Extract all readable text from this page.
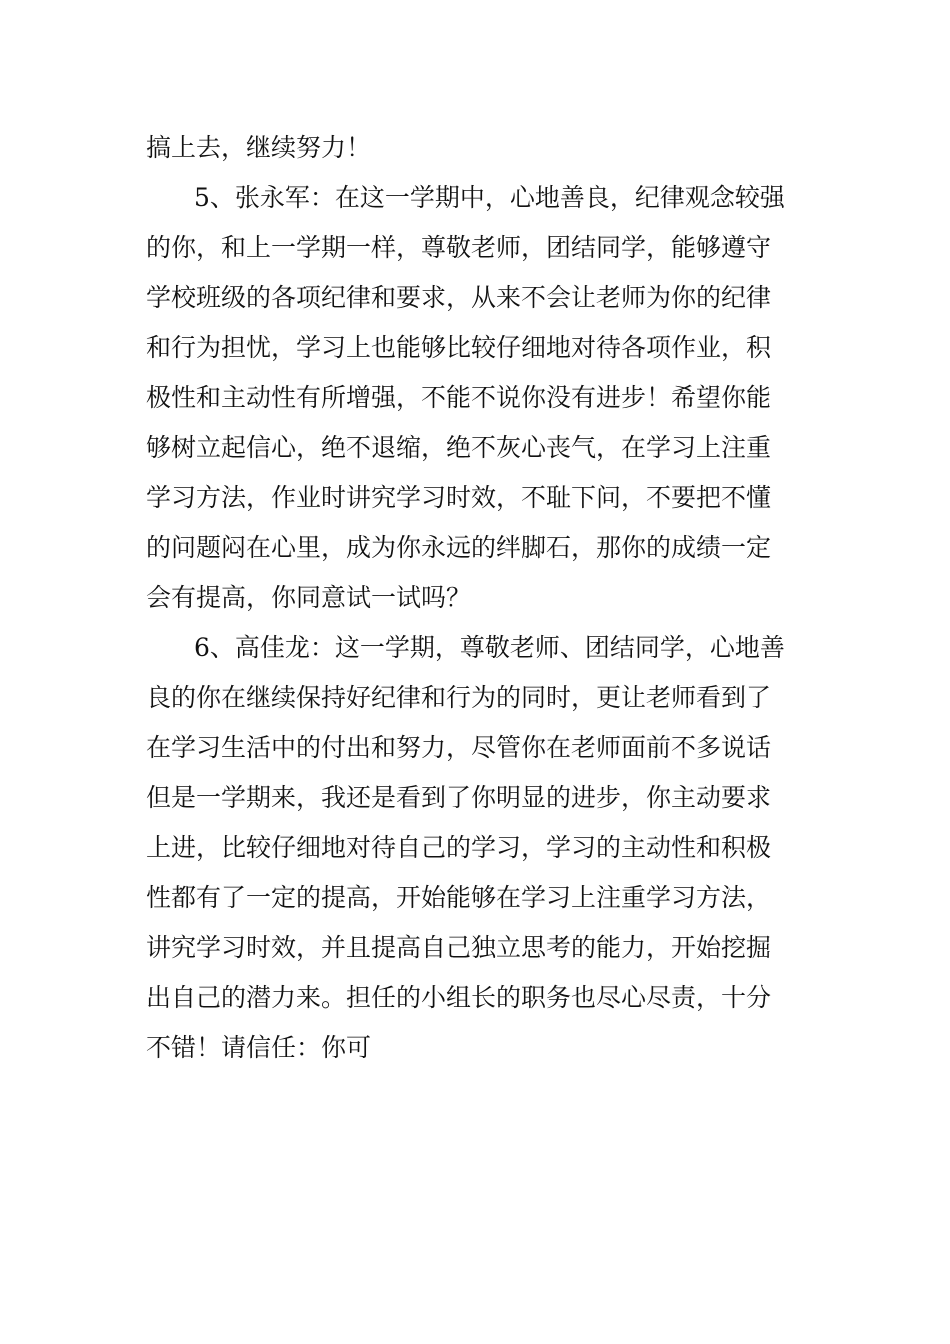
搞上去，继续努力！
5、张永军：在这一学期中，心地善良，纪律观念较强
的你，和上一学期一样，尊敬老师，团结同学，能够遵守
学校班级的各项纪律和要求，从来不会让老师为你的纪律
和行为担忧，学习上也能够比较仔细地对待各项作业，积
极性和主动性有所增强，不能不说你没有进步！希望你能
够树立起信心，绝不退缩，绝不灰心丧气，在学习上注重
学习方法，作业时讲究学习时效，不耻下问，不要把不懂
的问题闷在心里，成为你永远的绊脚石，那你的成绩一定
会有提高，你同意试一试吗？
6、高佳龙：这一学期，尊敬老师、团结同学，心地善
良的你在继续保持好纪律和行为的同时，更让老师看到了
在学习生活中的付出和努力，尽管你在老师面前不多说话
但是一学期来，我还是看到了你明显的进步，你主动要求
上进，比较仔细地对待自己的学习，学习的主动性和积极
性都有了一定的提高，开始能够在学习上注重学习方法，
讲究学习时效，并且提高自己独立思考的能力，开始挖掘
出自己的潜力来。担任的小组长的职务也尽心尽责，十分
不错！请信任：你可
